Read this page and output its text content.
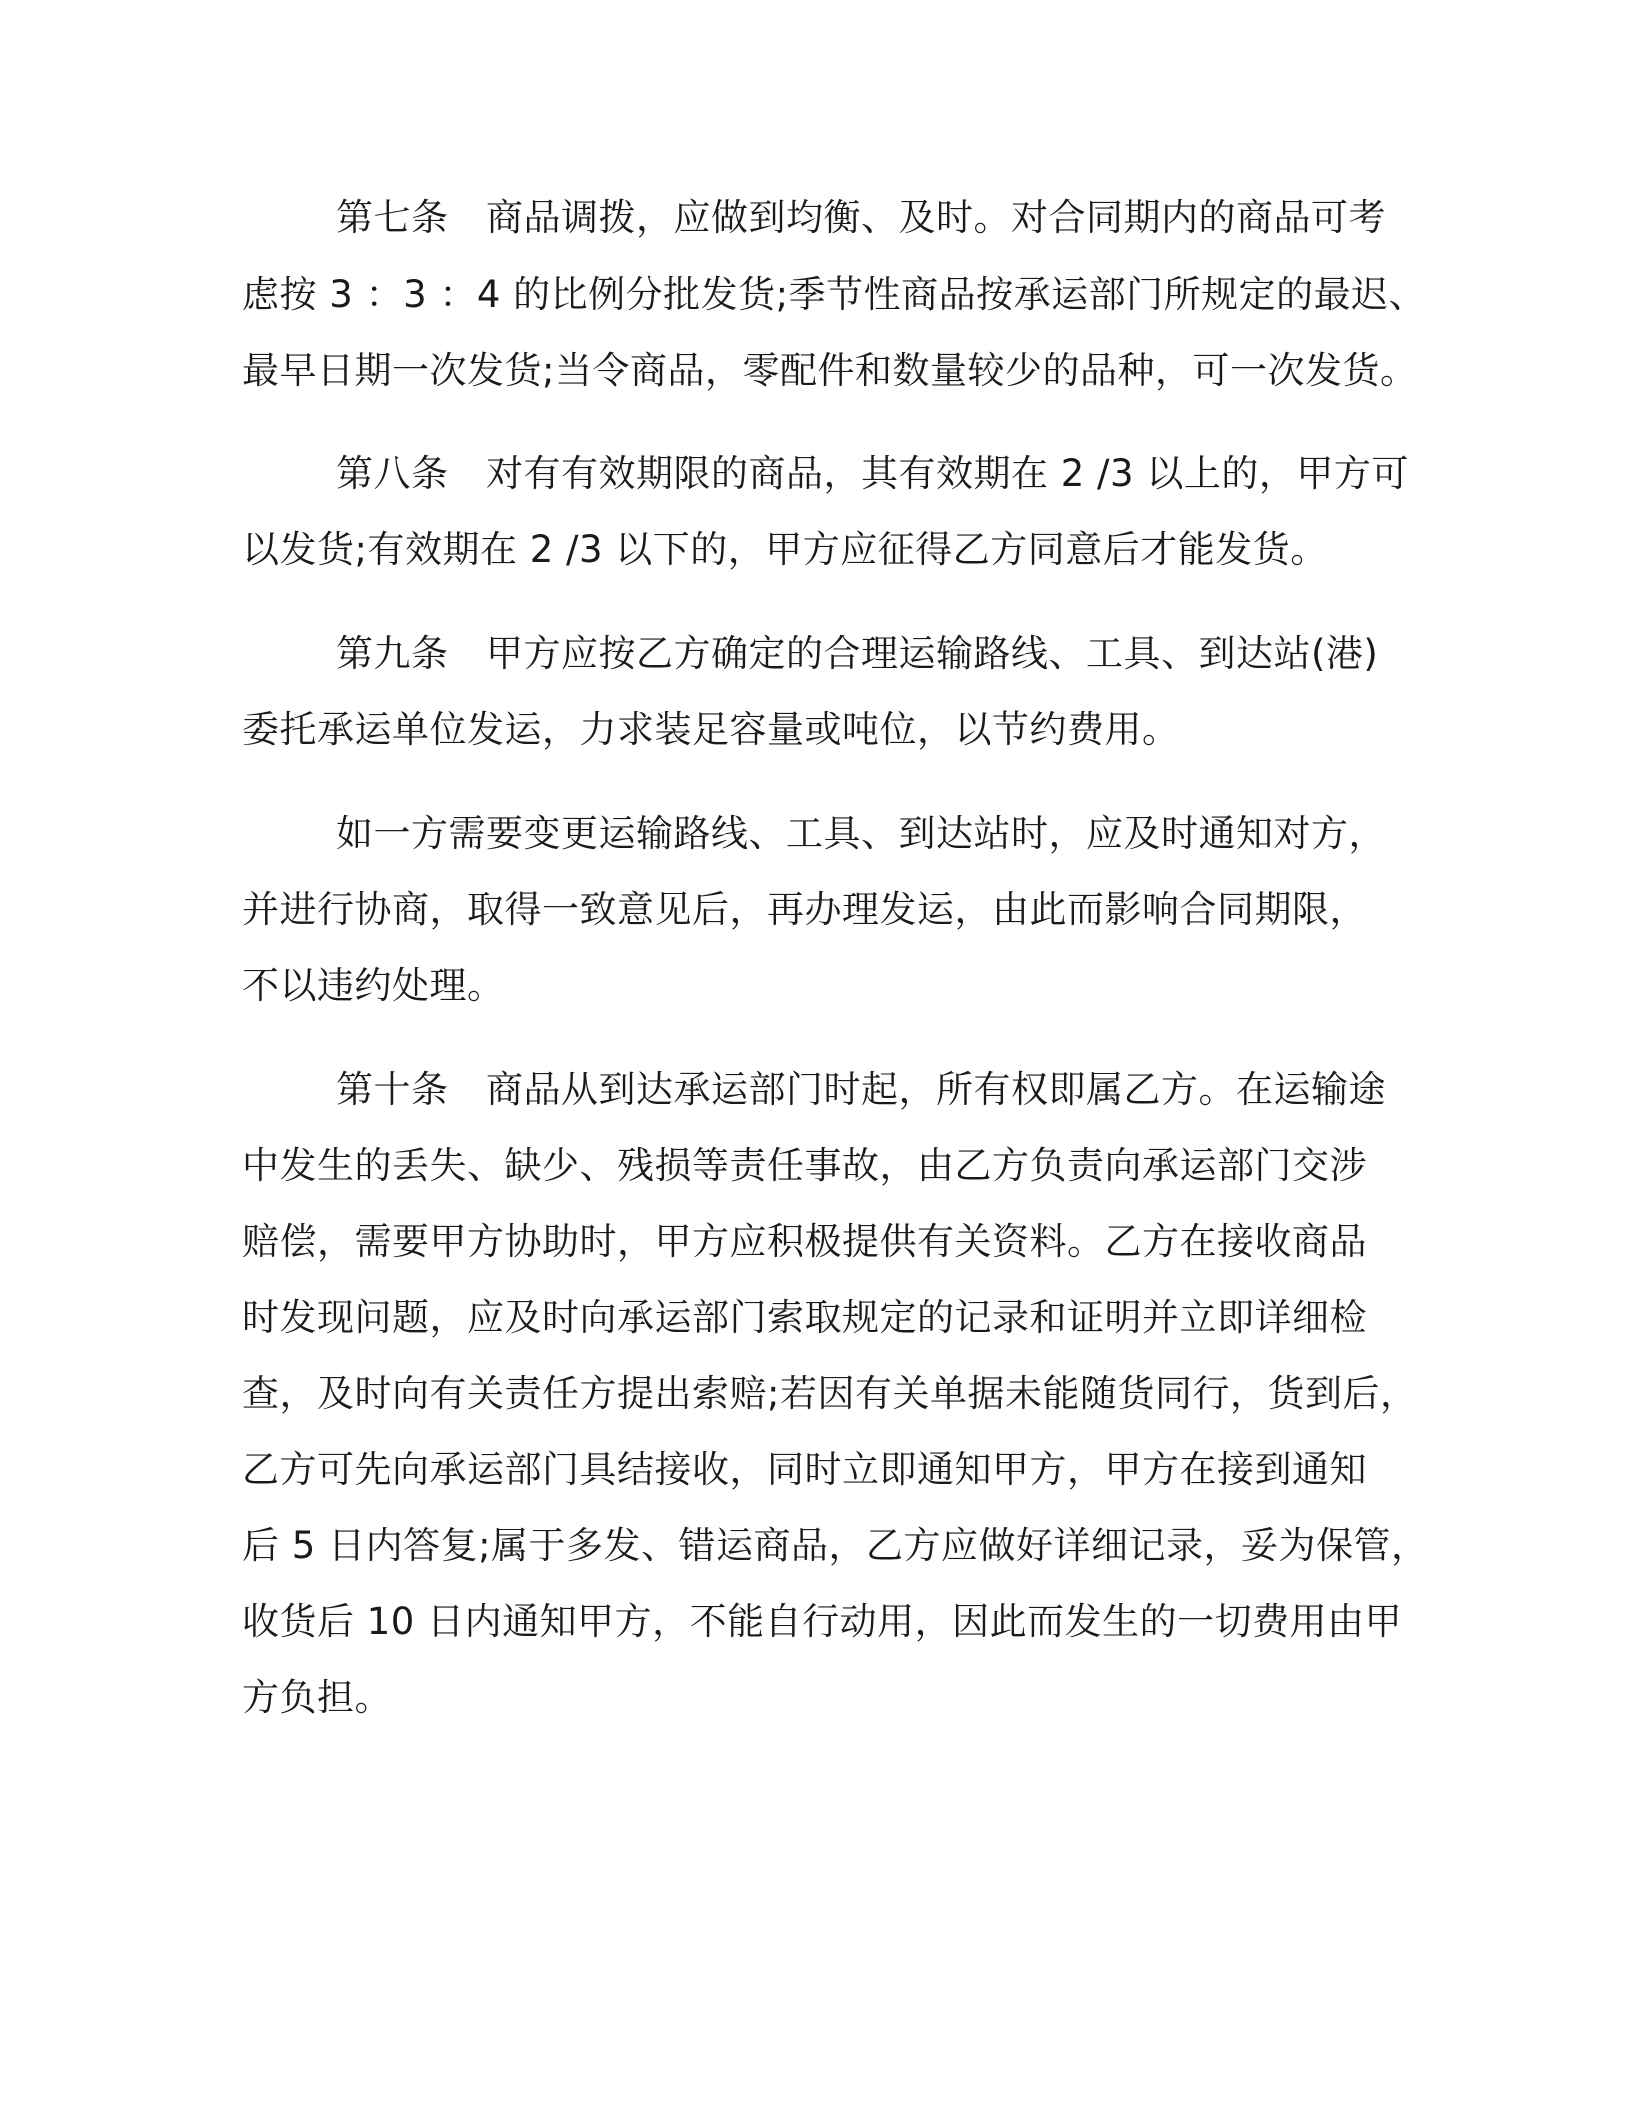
第七条　商品调拨，应做到均衡、及时。对合同期内的商品可考
虑按 3 ：3 ：4 的比例分批发货;季节性商品按承运部门所规定的最迟、
最早日期一次发货;当令商品，零配件和数量较少的品种，可一次发货。
第八条　对有有效期限的商品，其有效期在 2 /3 以上的，甲方可
以发货;有效期在 2 /3 以下的，甲方应征得乙方同意后才能发货。
第九条　甲方应按乙方确定的合理运输路线、工具、到达站(港)
委托承运单位发运，力求装足容量或吨位，以节约费用。
如一方需要变更运输路线、工具、到达站时，应及时通知对方，
并进行协商，取得一致意见后，再办理发运，由此而影响合同期限，
不以违约处理。
第十条　商品从到达承运部门时起，所有权即属乙方。在运输途
中发生的丢失、缺少、残损等责任事故，由乙方负责向承运部门交涉
赔偿，需要甲方协助时，甲方应积极提供有关资料。乙方在接收商品
时发现问题，应及时向承运部门索取规定的记录和证明并立即详细检
查，及时向有关责任方提出索赔;若因有关单据未能随货同行，货到后，
乙方可先向承运部门具结接收，同时立即通知甲方，甲方在接到通知
后 5 日内答复;属于多发、错运商品，乙方应做好详细记录，妥为保管，
收货后 10 日内通知甲方，不能自行动用，因此而发生的一切费用由甲
方负担。
